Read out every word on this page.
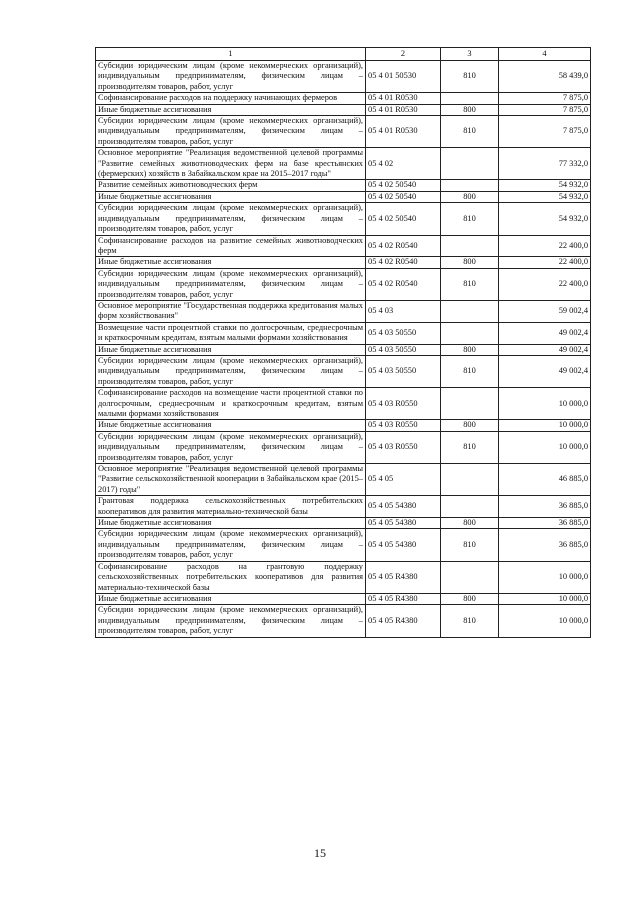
1	2	3	4
Субсидии юридическим лицам (кроме некоммерческих организаций), индивидуальным предпринимателям, физическим лицам – производителям товаров, работ, услуг	05 4 01 50530	810	58 439,0
Софинансирование расходов на поддержку начинающих фермеров	05 4 01 R0530		7 875,0
Иные бюджетные ассигнования	05 4 01 R0530	800	7 875,0
Субсидии юридическим лицам (кроме некоммерческих организаций), индивидуальным предпринимателям, физическим лицам – производителям товаров, работ, услуг	05 4 01 R0530	810	7 875,0
Основное мероприятие "Реализация ведомственной целевой программы "Развитие семейных животноводческих ферм на базе крестьянских (фермерских) хозяйств в Забайкальском крае на 2015–2017 годы"	05 4 02		77 332,0
Развитие семейных животноводческих ферм	05 4 02 50540		54 932,0
Иные бюджетные ассигнования	05 4 02 50540	800	54 932,0
Субсидии юридическим лицам (кроме некоммерческих организаций), индивидуальным предпринимателям, физическим лицам – производителям товаров, работ, услуг	05 4 02 50540	810	54 932,0
Софинансирование расходов на развитие семейных животноводческих ферм	05 4 02 R0540		22 400,0
Иные бюджетные ассигнования	05 4 02 R0540	800	22 400,0
Субсидии юридическим лицам (кроме некоммерческих организаций), индивидуальным предпринимателям, физическим лицам – производителям товаров, работ, услуг	05 4 02 R0540	810	22 400,0
Основное мероприятие "Государственная поддержка кредитования малых форм хозяйствования"	05 4 03		59 002,4
Возмещение части процентной ставки по долгосрочным, среднесрочным и краткосрочным кредитам, взятым малыми формами хозяйствования	05 4 03 50550		49 002,4
Иные бюджетные ассигнования	05 4 03 50550	800	49 002,4
Субсидии юридическим лицам (кроме некоммерческих организаций), индивидуальным предпринимателям, физическим лицам – производителям товаров, работ, услуг	05 4 03 50550	810	49 002,4
Софинансирование расходов на возмещение части процентной ставки по долгосрочным, среднесрочным и краткосрочным кредитам, взятым малыми формами хозяйствования	05 4 03 R0550		10 000,0
Иные бюджетные ассигнования	05 4 03 R0550	800	10 000,0
Субсидии юридическим лицам (кроме некоммерческих организаций), индивидуальным предпринимателям, физическим лицам – производителям товаров, работ, услуг	05 4 03 R0550	810	10 000,0
Основное мероприятие "Реализация ведомственной целевой программы "Развитие сельскохозяйственной кооперации в Забайкальском крае (2015–2017) годы"	05 4 05		46 885,0
Грантовая поддержка сельскохозяйственных потребительских кооперативов для развития материально-технической базы	05 4 05 54380		36 885,0
Иные бюджетные ассигнования	05 4 05 54380	800	36 885,0
Субсидии юридическим лицам (кроме некоммерческих организаций), индивидуальным предпринимателям, физическим лицам – производителям товаров, работ, услуг	05 4 05 54380	810	36 885,0
Софинансирование расходов на грантовую поддержку сельскохозяйственных потребительских кооперативов для развития материально-технической базы	05 4 05 R4380		10 000,0
Иные бюджетные ассигнования	05 4 05 R4380	800	10 000,0
Субсидии юридическим лицам (кроме некоммерческих организаций), индивидуальным предпринимателям, физическим лицам – производителям товаров, работ, услуг	05 4 05 R4380	810	10 000,0
15
